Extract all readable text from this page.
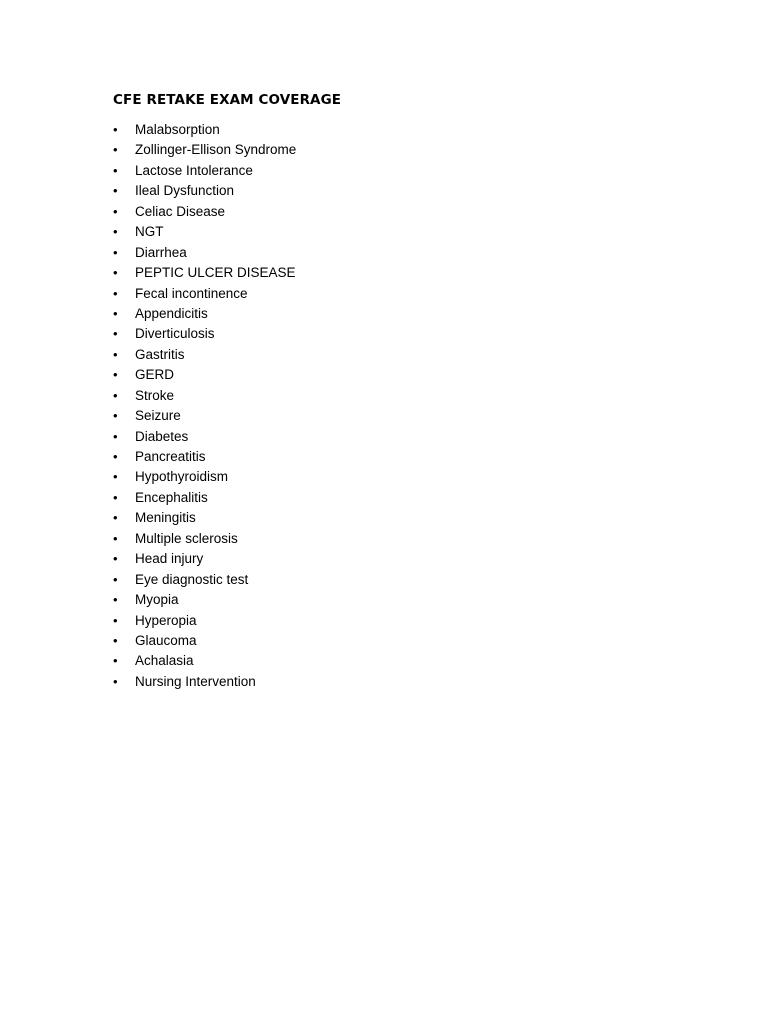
CFE RETAKE EXAM COVERAGE
• Malabsorption
• Zollinger-Ellison Syndrome
• Lactose Intolerance
• Ileal Dysfunction
• Celiac Disease
• NGT
• Diarrhea
• PEPTIC ULCER DISEASE
• Fecal incontinence
• Appendicitis
• Diverticulosis
• Gastritis
• GERD
• Stroke
• Seizure
• Diabetes
• Pancreatitis
• Hypothyroidism
• Encephalitis
• Meningitis
• Multiple sclerosis
• Head injury
• Eye diagnostic test
• Myopia
• Hyperopia
• Glaucoma
• Achalasia
• Nursing Intervention
